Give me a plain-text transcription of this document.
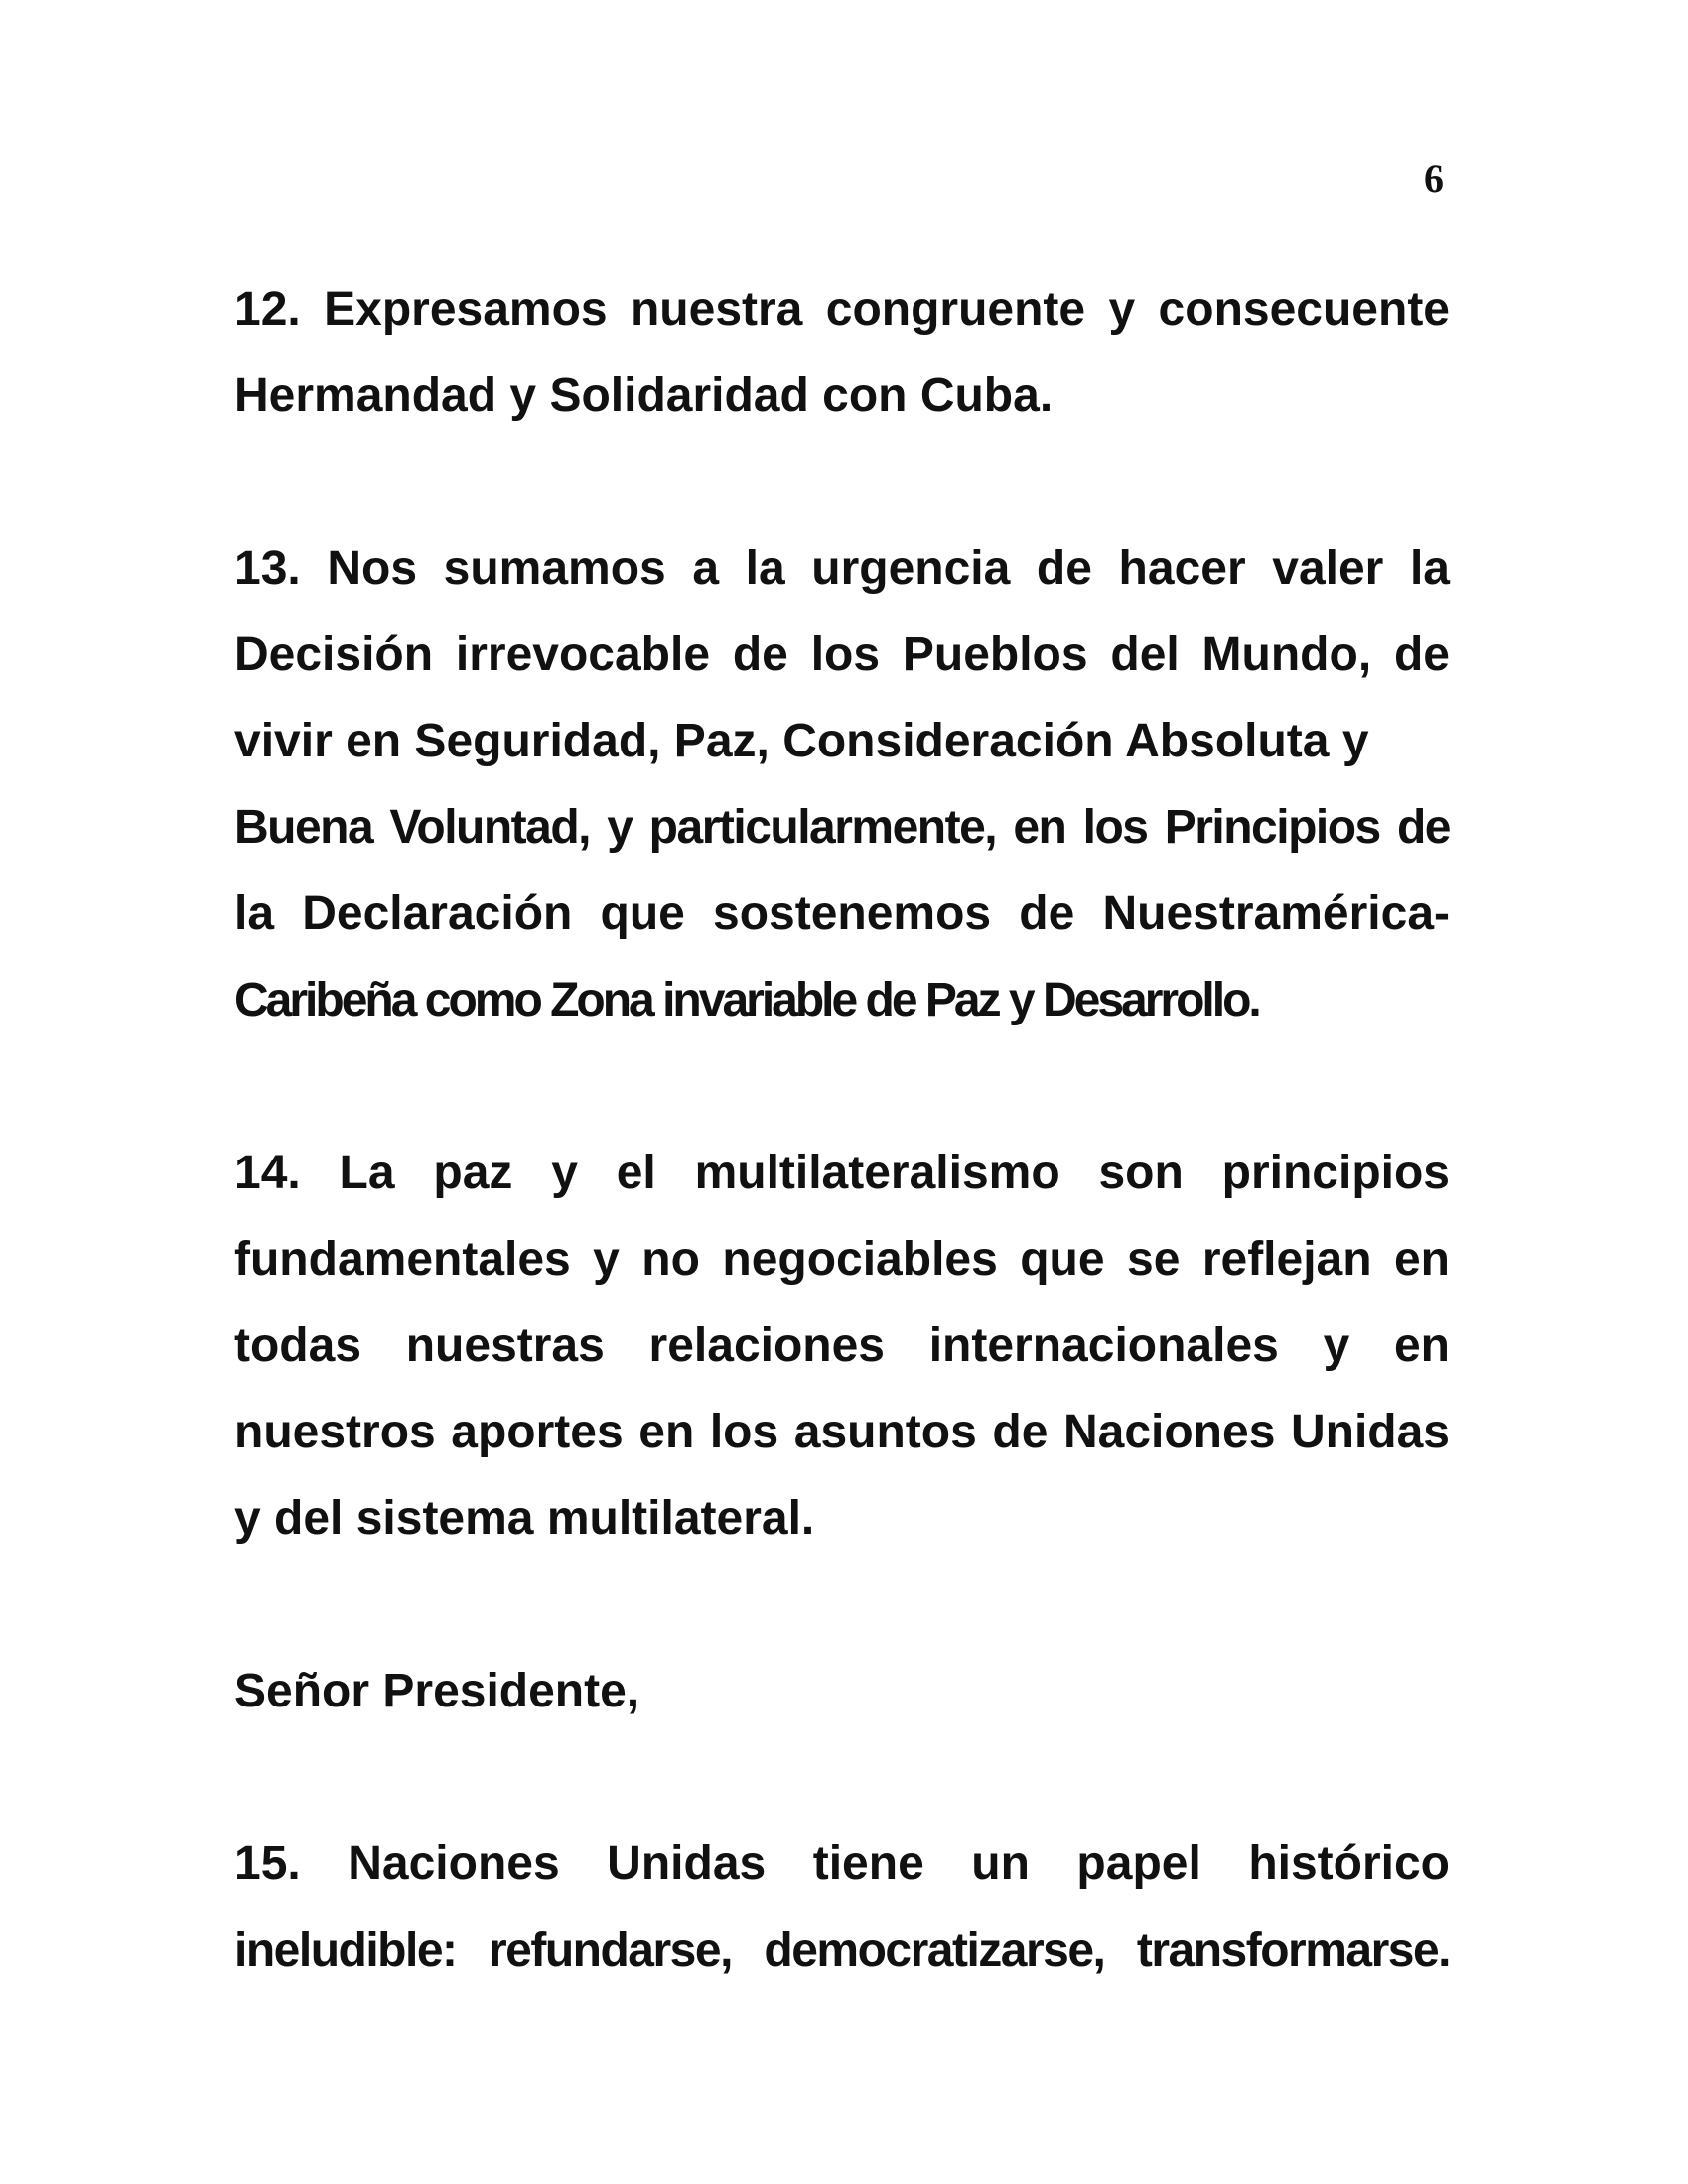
6

12. Expresamos nuestra congruente y consecuente Hermandad y Solidaridad con Cuba.

13. Nos sumamos a la urgencia de hacer valer la Decisión irrevocable de los Pueblos del Mundo, de vivir en Seguridad, Paz, Consideración Absoluta y
Buena Voluntad, y particularmente, en los Principios de
la Declaración que sostenemos de Nuestramérica-
Caribeña como Zona invariable de Paz y Desarrollo.

14. La paz y el multilateralismo son principios fundamentales y no negociables que se reflejan en todas nuestras relaciones internacionales y en nuestros aportes en los asuntos de Naciones Unidas y del sistema multilateral.

Señor Presidente,

15. Naciones Unidas tiene un papel histórico
ineludible: refundarse, democratizarse, transformarse.
